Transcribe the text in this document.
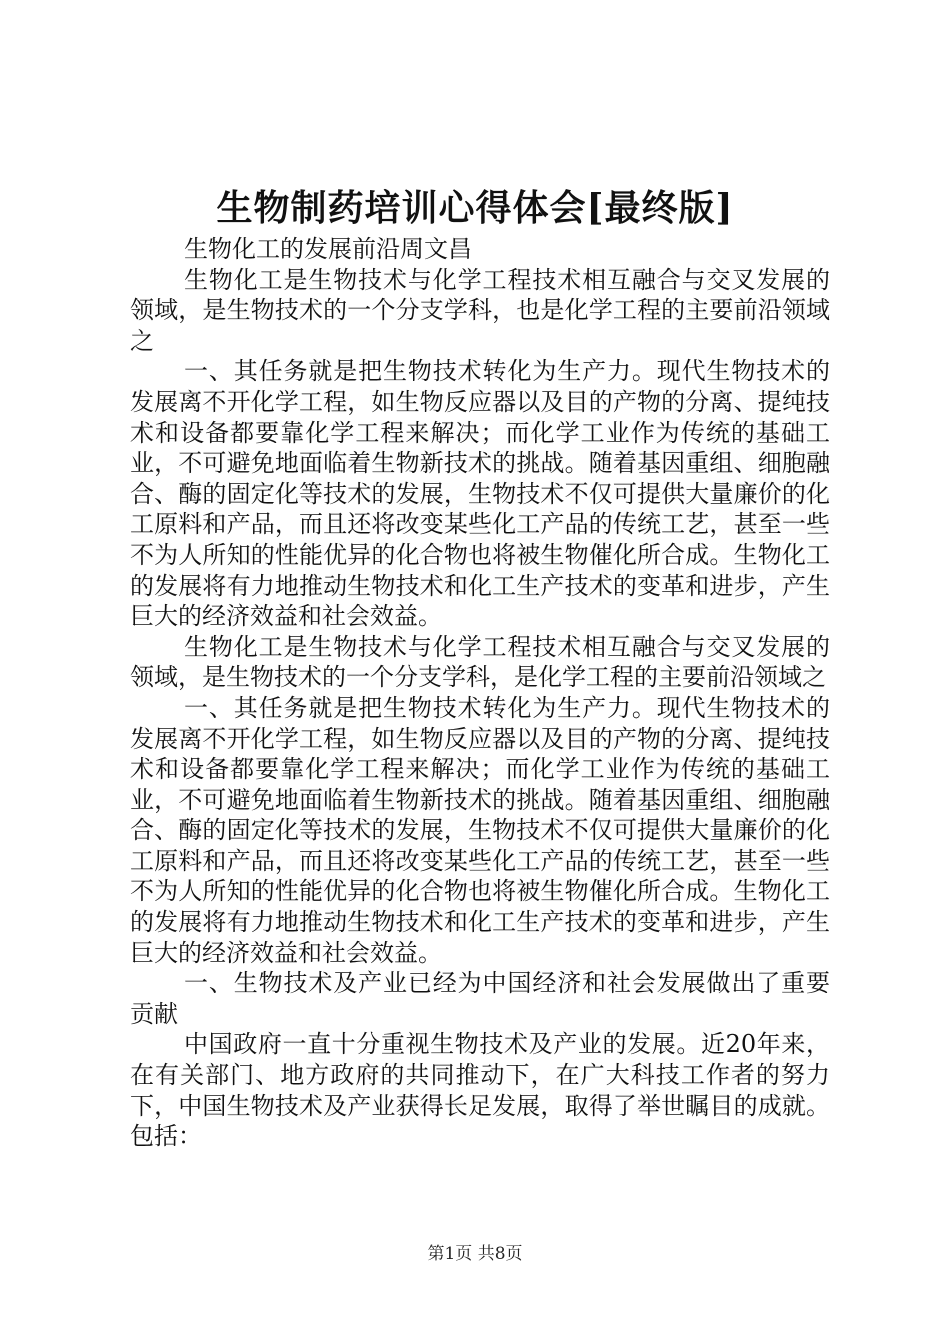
生物制药培训心得体会[最终版]

生物化工的发展前沿周文昌

生物化工是生物技术与化学工程技术相互融合与交叉发展的领域，是生物技术的一个分支学科，也是化学工程的主要前沿领域之

一、其任务就是把生物技术转化为生产力。现代生物技术的发展离不开化学工程，如生物反应器以及目的产物的分离、提纯技术和设备都要靠化学工程来解决；而化学工业作为传统的基础工业，不可避免地面临着生物新技术的挑战。随着基因重组、细胞融合、酶的固定化等技术的发展，生物技术不仅可提供大量廉价的化工原料和产品，而且还将改变某些化工产品的传统工艺，甚至一些不为人所知的性能优异的化合物也将被生物催化所合成。生物化工的发展将有力地推动生物技术和化工生产技术的变革和进步，产生巨大的经济效益和社会效益。

生物化工是生物技术与化学工程技术相互融合与交叉发展的领域，是生物技术的一个分支学科，是化学工程的主要前沿领域之

一、其任务就是把生物技术转化为生产力。现代生物技术的发展离不开化学工程，如生物反应器以及目的产物的分离、提纯技术和设备都要靠化学工程来解决；而化学工业作为传统的基础工业，不可避免地面临着生物新技术的挑战。随着基因重组、细胞融合、酶的固定化等技术的发展，生物技术不仅可提供大量廉价的化工原料和产品，而且还将改变某些化工产品的传统工艺，甚至一些不为人所知的性能优异的化合物也将被生物催化所合成。生物化工的发展将有力地推动生物技术和化工生产技术的变革和进步，产生巨大的经济效益和社会效益。

一、生物技术及产业已经为中国经济和社会发展做出了重要贡献

中国政府一直十分重视生物技术及产业的发展。近20年来，在有关部门、地方政府的共同推动下，在广大科技工作者的努力下，中国生物技术及产业获得长足发展，取得了举世瞩目的成就。包括：

第1页 共8页
